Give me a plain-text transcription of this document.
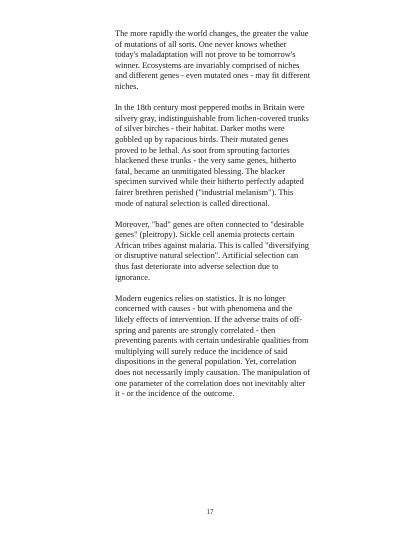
The more rapidly the world changes, the greater the value
of mutations of all sorts. One never knows whether
today's maladaptation will not prove to be tomorrow's
winner. Ecosystems are invariably comprised of niches
and different genes - even mutated ones - may fit different
niches.

In the 18th century most peppered moths in Britain were
silvery gray, indistinguishable from lichen-covered trunks
of silver birches - their habitat. Darker moths were
gobbled up by rapacious birds. Their mutated genes
proved to be lethal. As soot from sprouting factories
blackened these trunks - the very same genes, hitherto
fatal, became an unmitigated blessing. The blacker
specimen survived while their hitherto perfectly adapted
fairer brethren perished ("industrial melanism"). This
mode of natural selection is called directional.

Moreover, "bad" genes are often connected to "desirable
genes" (pleitropy). Sickle cell anemia protects certain
African tribes against malaria. This is called "diversifying
or disruptive natural selection". Artificial selection can
thus fast deteriorate into adverse selection due to
ignorance.

Modern eugenics relies on statistics. It is no longer
concerned with causes - but with phenomena and the
likely effects of intervention. If the adverse traits of off-
spring and parents are strongly correlated - then
preventing parents with certain undesirable qualities from
multiplying will surely reduce the incidence of said
dispositions in the general population. Yet, correlation
does not necessarily imply causation. The manipulation of
one parameter of the correlation does not inevitably alter
it - or the incidence of the outcome.

17
